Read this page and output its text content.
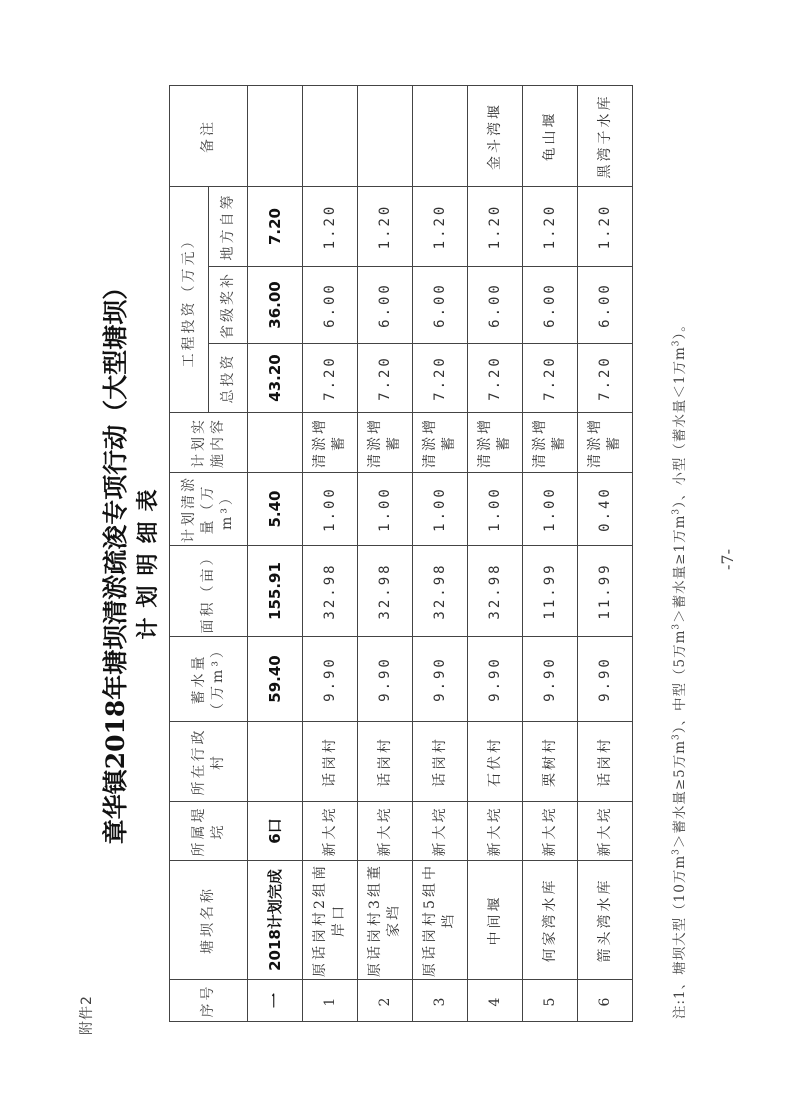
附件2
章华镇2018年塘坝清淤疏浚专项行动（大型塘坝） 计划明细表
序号	塘坝名称	所属堤垸	所在行政村	蓄水量（万m³）	面积（亩）	计划清淤量（万m³）	计划实施内容	工程投资（万元）			备注
								总投资	省级奖补	地方自筹	
一	2018计划完成	6口		59.40	155.91	5.40		43.20	36.00	7.20	
1	原话岗村2组南岸口	新大垸	话岗村	9.90	32.98	1.00	清淤增蓄	7.20	6.00	1.20	
2	原话岗村3组董家垱	新大垸	话岗村	9.90	32.98	1.00	清淤增蓄	7.20	6.00	1.20	
3	原话岗村5组中垱	新大垸	话岗村	9.90	32.98	1.00	清淤增蓄	7.20	6.00	1.20	
4	中间堰	新大垸	石伏村	9.90	32.98	1.00	清淤增蓄	7.20	6.00	1.20	金斗湾堰
5	何家湾水库	新大垸	栗树村	9.90	11.99	1.00	清淤增蓄	7.20	6.00	1.20	龟山堰
6	箭头湾水库	新大垸	话岗村	9.90	11.99	0.40	清淤增蓄	7.20	6.00	1.20	黑湾子水库
注:1、塘坝大型（10万$m^3>$蓄水量≥5万$m^3$）、中型（5万$m^3>$蓄水量≥1万$m^3$）、小型（蓄水量＜1万$m^3$）。
-7-
